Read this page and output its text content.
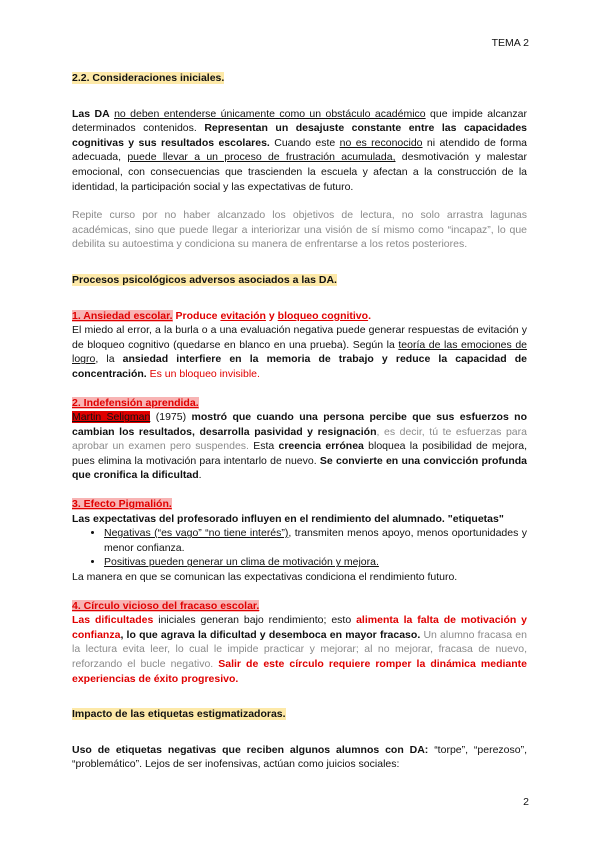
TEMA 2

2.2. Consideraciones iniciales.

Las DA no deben entenderse únicamente como un obstáculo académico que impide alcanzar determinados contenidos. Representan un desajuste constante entre las capacidades cognitivas y sus resultados escolares. Cuando este no es reconocido ni atendido de forma adecuada, puede llevar a un proceso de frustración acumulada, desmotivación y malestar emocional, con consecuencias que trascienden la escuela y afectan a la construcción de la identidad, la participación social y las expectativas de futuro.

Repite curso por no haber alcanzado los objetivos de lectura, no solo arrastra lagunas académicas, sino que puede llegar a interiorizar una visión de sí mismo como “incapaz”, lo que debilita su autoestima y condiciona su manera de enfrentarse a los retos posteriores.

Procesos psicológicos adversos asociados a las DA.

1. Ansiedad escolar. Produce evitación y bloqueo cognitivo.

El miedo al error, a la burla o a una evaluación negativa puede generar respuestas de evitación y de bloqueo cognitivo (quedarse en blanco en una prueba). Según la teoría de las emociones de logro, la ansiedad interfiere en la memoria de trabajo y reduce la capacidad de concentración. Es un bloqueo invisible.

2. Indefensión aprendida.

Martin Seligman (1975) mostró que cuando una persona percibe que sus esfuerzos no cambian los resultados, desarrolla pasividad y resignación, es decir, tú te esfuerzas para aprobar un examen pero suspendes. Esta creencia errónea bloquea la posibilidad de mejora, pues elimina la motivación para intentarlo de nuevo. Se convierte en una convicción profunda que cronifica la dificultad.

3. Efecto Pigmalión.

Las expectativas del profesorado influyen en el rendimiento del alumnado. "etiquetas"

• Negativas (“es vago” “no tiene interés”), transmiten menos apoyo, menos oportunidades y menor confianza.
• Positivas pueden generar un clima de motivación y mejora.

La manera en que se comunican las expectativas condiciona el rendimiento futuro.

4. Círculo vicioso del fracaso escolar.

Las dificultades iniciales generan bajo rendimiento; esto alimenta la falta de motivación y confianza, lo que agrava la dificultad y desemboca en mayor fracaso. Un alumno fracasa en la lectura evita leer, lo cual le impide practicar y mejorar; al no mejorar, fracasa de nuevo, reforzando el bucle negativo. Salir de este círculo requiere romper la dinámica mediante experiencias de éxito progresivo.

Impacto de las etiquetas estigmatizadoras.

Uso de etiquetas negativas que reciben algunos alumnos con DA: “torpe”, “perezoso”, “problemático”. Lejos de ser inofensivas, actúan como juicios sociales:

2
